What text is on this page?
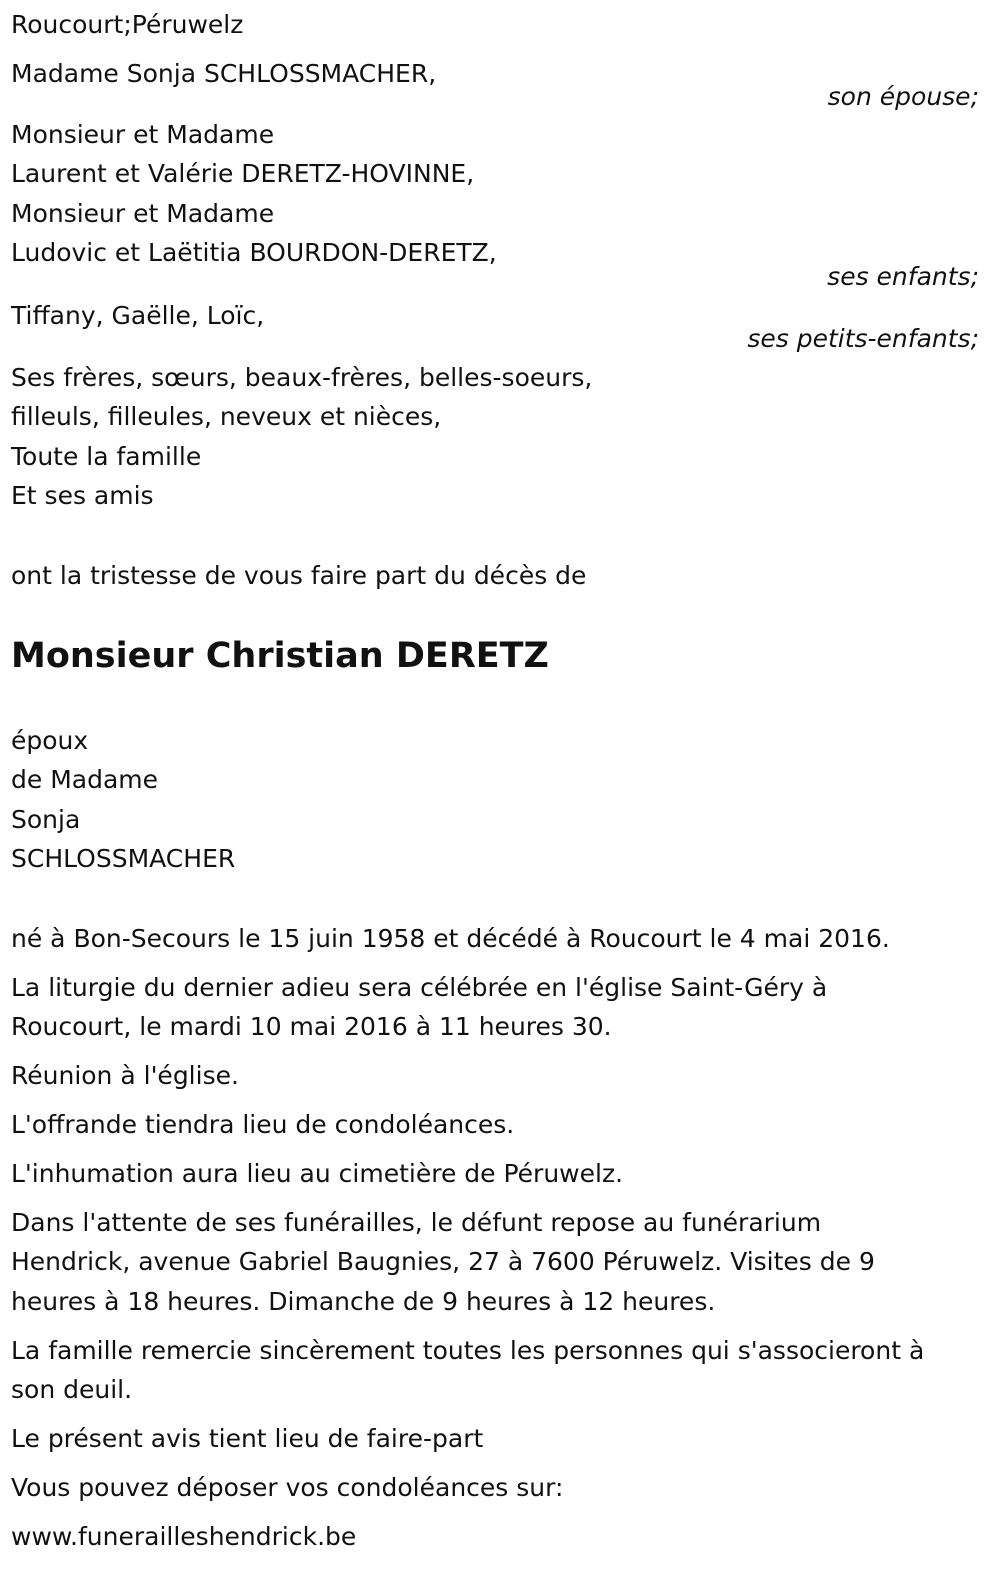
Roucourt;Péruwelz
Madame Sonja SCHLOSSMACHER,
son épouse;
Monsieur et Madame
Laurent et Valérie DERETZ-HOVINNE,
Monsieur et Madame
Ludovic et Laëtitia BOURDON-DERETZ,
ses enfants;
Tiffany, Gaëlle, Loïc,
ses petits-enfants;
Ses frères, sœurs, beaux-frères, belles-soeurs,
filleuls, filleules, neveux et nièces,
Toute la famille
Et ses amis
ont la tristesse de vous faire part du décès de
Monsieur Christian DERETZ
époux
de Madame
Sonja
SCHLOSSMACHER
né à Bon-Secours le 15 juin 1958 et décédé à Roucourt le 4 mai 2016.
La liturgie du dernier adieu sera célébrée en l'église Saint-Géry à
Roucourt, le mardi 10 mai 2016 à 11 heures 30.
Réunion à l'église.
L'offrande tiendra lieu de condoléances.
L'inhumation aura lieu au cimetière de Péruwelz.
Dans l'attente de ses funérailles, le défunt repose au funérarium
Hendrick, avenue Gabriel Baugnies, 27 à 7600 Péruwelz. Visites de 9
heures à 18 heures. Dimanche de 9 heures à 12 heures.
La famille remercie sincèrement toutes les personnes qui s'associeront à
son deuil.
Le présent avis tient lieu de faire-part
Vous pouvez déposer vos condoléances sur:
www.funerailleshendrick.be
